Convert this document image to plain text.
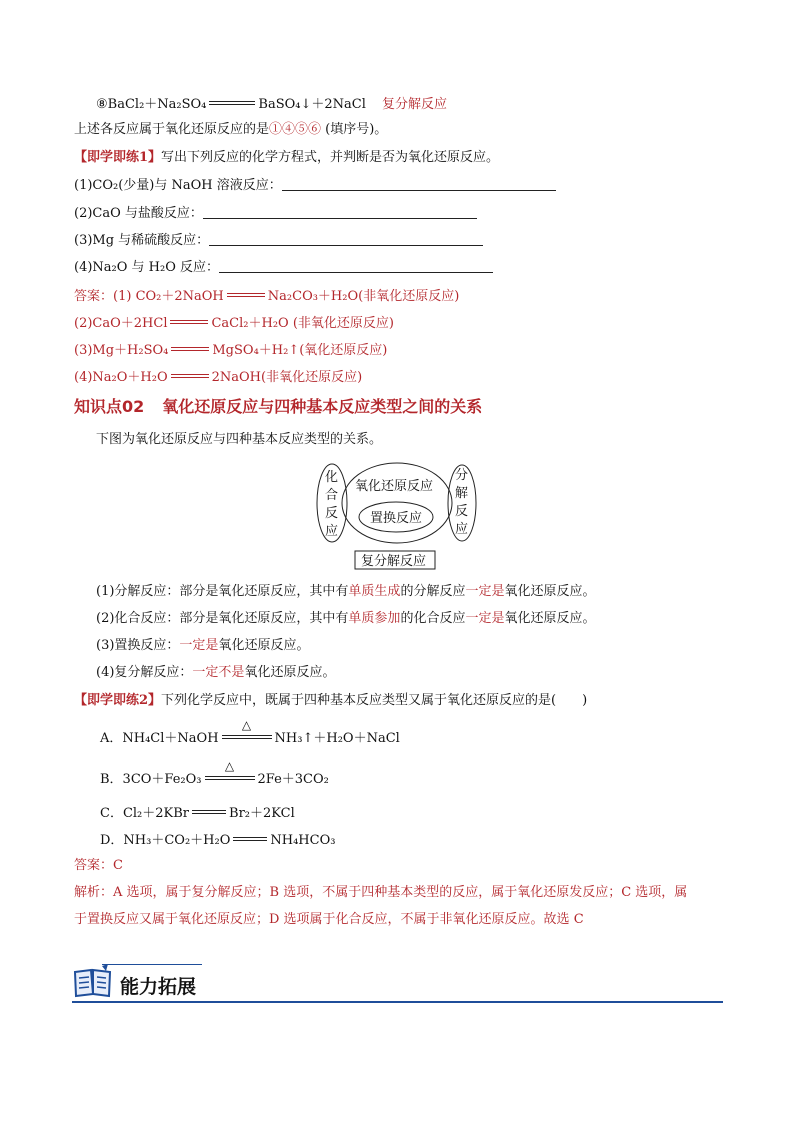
⑧BaCl₂＋Na₂SO₄	BaSO₄↓＋2NaCl 复分解反应
上述各反应属于氧化还原反应的是①④⑤⑥ (填序号)。
【即学即练1】写出下列反应的化学方程式，并判断是否为氧化还原反应。
(1)CO₂(少量)与 NaOH 溶液反应：
(2)CaO 与盐酸反应：
(3)Mg 与稀硫酸反应：
(4)Na₂O 与 H₂O 反应：
答案：(1) CO₂＋2NaOH	Na₂CO₃＋H₂O(非氧化还原反应)
(2)CaO＋2HCl	CaCl₂＋H₂O (非氧化还原反应)
(3)Mg＋H₂SO₄	MgSO₄＋H₂↑(氧化还原反应)
(4)Na₂O＋H₂O	2NaOH(非氧化还原反应)
知识点02 氧化还原反应与四种基本反应类型之间的关系
下图为氧化还原反应与四种基本反应类型的关系。
化
合
反
应
氧化还原反应
置换反应
分
解
反
应
复分解反应
(1)分解反应：部分是氧化还原反应，其中有单质生成的分解反应一定是氧化还原反应。
(2)化合反应：部分是氧化还原反应，其中有单质参加的化合反应一定是氧化还原反应。
(3)置换反应：一定是氧化还原反应。
(4)复分解反应：一定不是氧化还原反应。
【即学即练2】下列化学反应中，既属于四种基本反应类型又属于氧化还原反应的是(　　)
A．NH₄Cl＋NaOH
△
NH₃↑＋H₂O＋NaCl
B．3CO＋Fe₂O₃
△
2Fe＋3CO₂
C．Cl₂＋2KBr	Br₂＋2KCl
D．NH₃＋CO₂＋H₂O	NH₄HCO₃
答案：C
解析：A 选项，属于复分解反应；B 选项，不属于四种基本类型的反应，属于氧化还原发反应；C 选项，属
于置换反应又属于氧化还原反应；D 选项属于化合反应，不属于非氧化还原反应。故选 C
能力拓展
